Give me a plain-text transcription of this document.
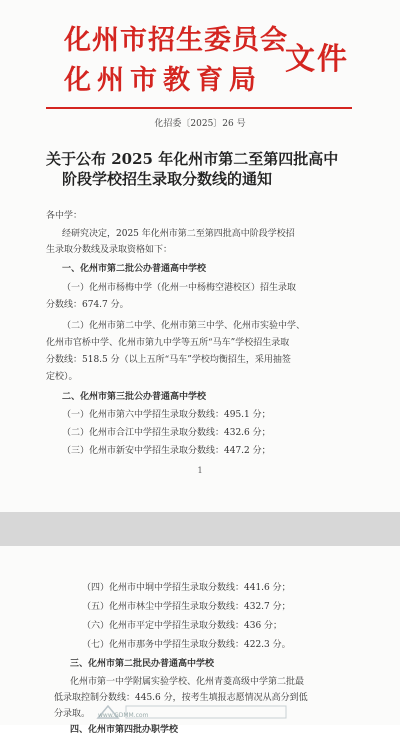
化州市招生委员会
化州市教育局
文件
化招委〔2025〕26 号
关于公布 2025 年化州市第二至第四批高中
阶段学校招生录取分数线的通知
各中学：
经研究决定，2025 年化州市第二至第四批高中阶段学校招
生录取分数线及录取资格如下：
一、化州市第二批公办普通高中学校
（一）化州市杨梅中学（化州一中杨梅空港校区）招生录取
分数线：674.7 分。
（二）化州市第二中学、化州市第三中学、化州市实验中学、
化州市官桥中学、化州市第九中学等五所“马车”学校招生录取
分数线：518.5 分（以上五所“马车”学校均衡招生，采用抽签
定校）。
二、化州市第三批公办普通高中学校
（一）化州市第六中学招生录取分数线：495.1 分；
（二）化州市合江中学招生录取分数线：432.6 分；
（三）化州市新安中学招生录取分数线：447.2 分；
1
（四）化州市中垌中学招生录取分数线：441.6 分；
（五）化州市林尘中学招生录取分数线：432.7 分；
（六）化州市平定中学招生录取分数线：436 分；
（七）化州市那务中学招生录取分数线：422.3 分。
三、化州市第二批民办普通高中学校
化州市第一中学附属实验学校、化州青菱高级中学第二批最
低录取控制分数线：445.6 分，按考生填报志愿情况从高分到低
分录取。
四、化州市第四批办职学校
www.GDMM.com
